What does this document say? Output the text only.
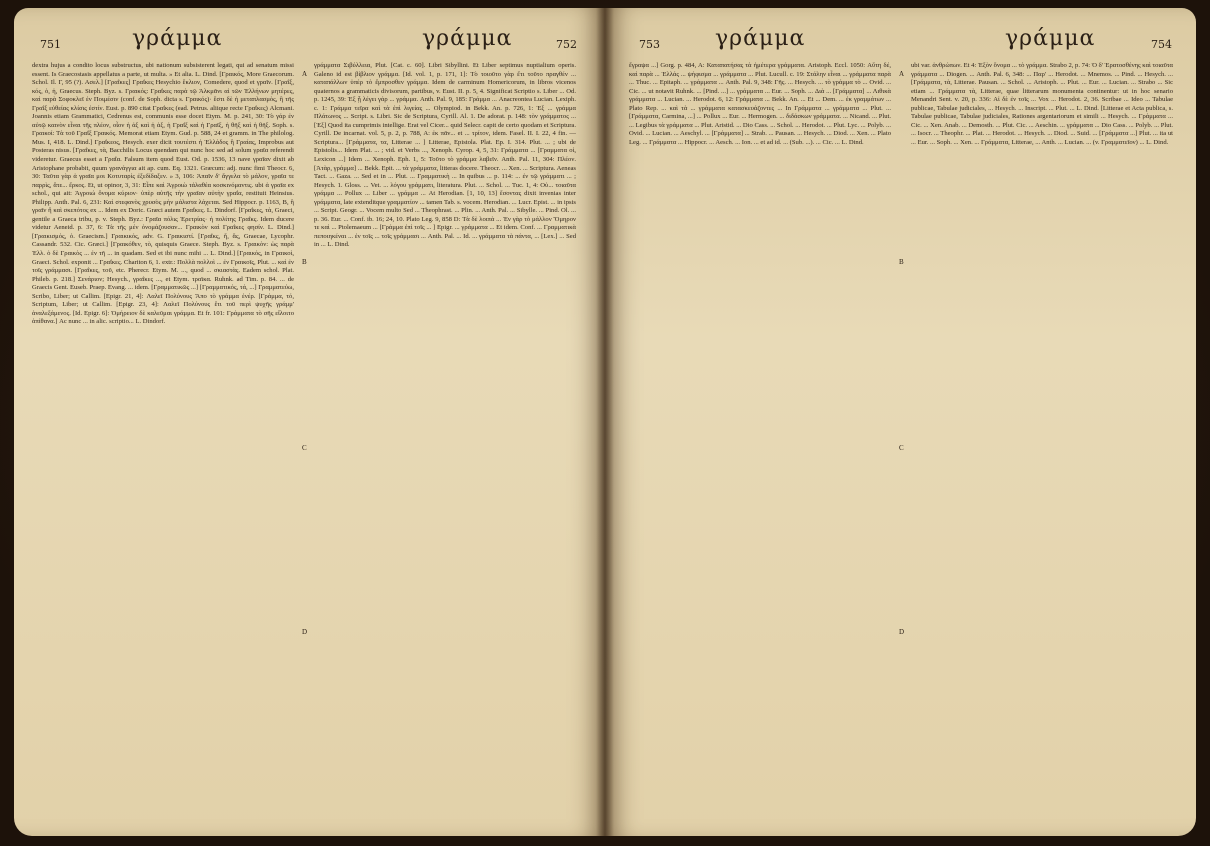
751	γράμμα	γράμμα	752

dextra hujus a condito locus substructus, ubi nationum subsisterent legati, qui ad senatum missi essent. Is Graecostasis appellatus a parte, ut multa. » Et alia. L. Dind. [Γραικός, More Graecorum. Schol. Il. Γ, 95 (?). Ασελ.] [Γραΐκες] Γραΐκες Hesychio ἔκλιον, Comedere, quod et γραῖν. [Γραΐξ, κός, ὁ, ἡ, Graecus. Steph. Byz. s. Γραικός: Γραΐκες παρὰ τῷ Ἀλκμᾶνι αἱ τῶν Ἑλλήνων μητέρες, καὶ παρὰ Σοφοκλεῖ ἐν Ποιμέσιν (conf. de Soph. dicta s. Γραικός)· ἔστι δὲ ἡ μεταπλασμὸς, ἢ τῆς Γραΐξ εὐθείας κλίσις ἐστίν. Eust. p. 890 citat Γραΐκες (ead. Petrus. aliique recte Γραΐκες) Alcmani. Joannis etiam Grammatici, Cedrenus est, communis esse docet Etym. M. p. 241, 30: Τὸ γάρ ἐν αὐτῷ καινὸν εἶναι τῆς πλέον, οἷον ἡ ἀξ καὶ ἡ ἀξ, ἡ Γραΐξ καὶ ἡ Γραῖξ, ἡ θῆξ καὶ ἡ θῆξ. Soph. s. Γραικοί: Τὰ τοῦ Γραΐξ Γραικός. Memorat etiam Etym. Gud. p. 588, 24 et gramm. in The philolog. Mus. I, 418. L. Dind.] Γραΐκεος, Hesych. exer dicit τουτέστι ἡ Ἑλλάδος ἢ Γραίας, Improbus aut Posteras nisus. [Γραΐκες, τὰ, Bacchilis Locus quendam qui nunc hoc sed ad solum γραῖα referendi videretur. Graecus esset a Γραΐα. Falsum item quod Eust. Od. p. 1536, 13 nave γραῖαν dixit ab Aristophane probabit, quum γρανάγγια ait ap. cum. Εq. 1321. Græcum: adj. nunc fimi Theocr. 6, 30: Ταῦτα γὰρ ἀ γραῖα μοι Κοτυταρίς ἐξεδίδαξεν. » 3, 106: Ἀπαῖν δ' ἄγγελα τὸ μάλον, γραῖα τε παρρὶς, ἅτε... ἔρκος. Et, ut opinor, 3, 31: Εἶπε καὶ Ἀγροιὼ τἀλαθέα κοσκινόμαντις. ubi ἁ γραῖα ex schol., qui ait: Ἀγροιώ ὄνομα κύριον· ὑπὲρ αὐτῆς τὴν γραῖαν αὐτὴν γραΐα, restituit Heinsius. Philipp. Anth. Pal. 6, 231: Καὶ στεφανὸς χρυσὸς μὴν μάλιστα λάχεται. Sed Hippocr. p. 1163, B, ἢ γραῖν ἢ καὶ σκεπότος ex ... Idem ex Doric. Græci autem Γραΐκες. L. Dindorf. [Γραΐκες, τὰ, Graeci, gentile a Graeca tribu, p. v. Steph. Byz.: Γραῖα πόλις Ἐρετρίας· ἡ πολίτης Γραΐκς. Idem ducere videtur Aeneid. p. 37, 6: Τὰ τῆς μέν ὀνομάζουσαν... Γραικὸν καὶ Γραΐκες φησίν. L. Dind.] [Γραικισμός, ὁ. Graecism.] Γραικικός, adv. G. Γραικιστί. [Γραΐκς, ἤ, ἄς, Graecae, Lycophr. Cassandr. 532. Cic. Græci.] [Γραικόθεν, τὸ, quisquis Graece. Steph. Byz. s. Γραικὸν: ὡς παρὰ Ἑλλ. ὁ δὲ Γραικὸς ... ἐν τῆ ... in quadam. Sed et ibi nunc mihi ... L. Dind.] [Γραικός, in Γραικοὶ, Graeci. Schol. exponit ... Γραΐκες. Chariton 6, 1. extr.: Πολλὰ πολλοὶ ... ἐν Γραικοῖς, Plut. ... καὶ ἐν τοῖς γράμμασι. [Γραΐκες, τοῦ, etc. Pherecr. Etym. M. ..., quod ... σκιαστὰς. Eadem schol. Plat. Phileb. p. 218.] Σενάριον; Hesych., γραΐκες ..., et Etym. τραϊκα. Ruhnk. ad Tim. p. 84. ... de Graecis Gent. Euseb. Praep. Evang. ... idem. [Γραμματικῶς ...] [Γραμματικός, τά, ...] Γραμματεύω, Scribo, Liber; ut Callim. [Epigr. 21, 4]: Λαλεῖ Πολύνους Ἄπο τὸ γράμμα ἐνέρ. [Γράμμα, τό, Scriptum, Liber; ut Callim. [Epigr. 23, 4]: Λαλεῖ Πολύνους ἔτι τοῦ περὶ ψυχῆς γράμμ' ἀναλεξάμενος. [Id. Epigr. 6]: Ὁμήρειον δὲ καλεῦμαι γράμμα. Et fr. 101: Γράμματα τὸ σῆς εἴλοιτο ἀπίθανα.] Ac nunc ... in alic. scriptio... L. Dindorf.

A
B
C
D

γράμματα Σιβύλλεια, Plut. [Cat. c. 60]. Libri Sibyllini. Et Liber septimus nuptialium operis. Galeno id est βίβλιον γράμμα. [Id. vol. 1, p. 171, 1]: Τὸ τοιοῦτο γὰρ ἔτι τοῦτο πραγθέν ... καταπάλλων ὑπὲρ τὸ ἔμπροσθεν γράμμα. Idem de carminum Homericorum, in libros vicenos quaternos a grammaticis divisorum, partibus, v. Eust. II. p. 5, 4. Significat Scriptio s. Liber ... Od. p. 1245, 39: Ἐξ ᾗ λέγει γάρ ... γράμμα. Anth. Pal. 9, 185: Γράμμα ... Anacreontea Lucian. Lexiph. c. 1: Γράμμα τεῖρα καὶ τὰ ἐπὶ λιγείας ... Olympiod. in Bekk. An. p. 726, 1: Ἐξ ... γράμμα Πλάτωνος ... Script. s. Libri. Sic de Scriptura, Cyrill. Al. 1. De adorat. p. 148: τὸν γράμματος ... [Ἐξ] Quod ita cumprimis intellige. Erat vel Cicer... quid Selecr. capit de certo quodam et Scriptura. Cyrill. De incarnat. vol. 5, p. 2, p. 788, A: ἐκ πᾶν... et ... τρίτον, idem. Fasel. II. I. 22, 4 fin. — Scriptura... [Γράμματα, τα, Litterae ... ] Litterae, Epistola. Plat. Ep. I. 314. Plut. ... ; ubi de Epistolis... Idem Plat. ... ; vid. et Verbs ..., Xenoph. Cyrop. 4, 5, 31: Γράμματα ... [Γραμματα οἱ, Lexicon ...] Idem ... Xenoph. Eph. 1, 5: Τοῦτο τὸ γράμμα λαβεῖν. Anth. Pal. 11, 304: Πλέον. [Ἀτὰρ, γράμμα] ... Bekk. Epit. ... τὰ γράμματα, litteras docere. Theocr. ... Xen. ... Scriptura. Aeneas Tact. ... Gaza. ... Sed et in ... Plut. ... Γραμματικὴ ... In quibus ... p. 114: ... ἐν τῷ γράμματι ... ; Hesych. 1. Gloss. ... Vet. ... λόγου γράμματι, literatura. Plut. ... Schol. ... Tuc. 1, 4: Οὐ... τοιαῦτα γράμμα ... Pollux ... Liber ... γράμμα ... At Herodian. [1, 10, 13] ἔσοντας dixit invenias inter γράμματα, late extenditque γραμματίον ... tamen Tab. s. vocem. Herodian. ... Lucr. Epist. ... in ipsis ... Script. Geogr. ... Vocem multo Sed ... Theophrast. ... Plin. ... Anth. Pal. ... Sibylle. ... Pind. Ol. ... p. 36. Eur. ... Conf. ib. 16; 24, 10. Plato Leg. 9, 858 D: Τὰ δὲ λοιπὰ ... Ἐν γὰρ τὸ μάλλον Ὅμηρον τε καὶ ... Ptolemaeum ... [Γράμμα ἐπὶ τοῖς ... ] Epigr. ... γράμματα ... Et idem. Conf. ... Γραμματικὰ πεποιηκέναι ... ἐν τοῖς ... τοῖς γράμμασι ... Anth. Pal. ... Id. ... γράμματα τὰ πάντα, ... [Lex.] ... Sed in ... L. Dind.

753	γράμμα	γράμμα	754

ἔγραψα ...] Gorg. p. 484, A: Καταπατήσας τὰ ἡμέτερα γράμματα. Aristoph. Eccl. 1050: Αὕτη δέ, καὶ παρὰ ... Ἑλλάς ... ψήφισμα ... γράμματα ... Plut. Lucull. c. 19: Στάλην εἶναι ... γράμματα παρὰ ... Thuc. ... Epitaph. ... γράμματα ... Anth. Pal. 9, 348: Γῆς. ... Hesych. ... τὸ γράμμα τὸ ... Ovid. ... Cic. ... ut notavit Ruhnk. ... [Pind. ...] ... γράμματα ... Eur. ... Soph. ... Διὰ ... [Γράμματα] ... Λιθικὰ γράμματα ... Lucian. ... Herodot. 6, 12: Γράμματα ... Bekk. An. ... Et ... Dem. ... ἐκ γραμμάτων ... Plato Rep. ... καὶ τὰ ... γράμματα κατασκευάζοντες ... In Γράμματα ... γράμματα ... Plut. ... [Γράμματα, Carmina, ...] ... Pollux ... Eur. ... Hermogen. ... διδάσκων γράμματα. ... Nicand. ... Plut. ... Legibus τὰ γράμματα ... Plut. Aristid. ... Dio Cass. ... Schol. ... Herodot. ... Plut. Lyc. ... Polyb. ... Ovid. ... Lucian. ... Aeschyl. ... [Γράμματα] ... Strab. ... Pausan. ... Hesych. ... Diod. ... Xen. ... Plato Leg. ... Γράμματα ... Hippocr. ... Aesch. ... Ion. ... et ad id. ... (Sub. ...). ... Cic. ... L. Dind.

A
B
C
D

ubi var. ἀνθρώπων. Et 4: Ἐξὸν ὄνομα ... τὸ γράμμα. Strabo 2, p. 74: Ὁ δ' Ἐρατοσθένης καὶ τοιαῦτα γράμματα ... Diogen. ... Anth. Pal. 6, 348: ... Παρ' ... Herodot. ... Mnemos. ... Pind. ... Hesych. ... [Γράμματα, τὰ, Litterae. Pausan. ... Schol. ... Aristoph. ... Plut. ... Eur. ... Lucian. ... Strabo ... Sic etiam ... Γράμματα τὰ, Litterae, quae litterarum monumenta continentur: ut in hoc senario Menandri Sent. v. 20, p. 336: Αἱ δὲ ἐν τοῖς ... Vox ... Herodot. 2, 36. Scribae ... Ideo ... Tabulae publicae, Tabulae judiciales, ... Hesych. ... Inscript. ... Plut. ... L. Dind. [Litterae et Acta publica, s. Tabulae publicae, Tabulae judiciales, Rationes argentariorum et simili ... Hesych. ... Γράμματα ... Cic. ... Xen. Anab. ... Demosth. ... Plut. Cic. ... Aeschin. ... γράμματα ... Dio Cass. ... Polyb. ... Plut. ... Isocr. ... Theophr. ... Plat. ... Herodot. ... Hesych. ... Diod. ... Suid. ... [Γράμματα ...] Plut. ... ita ut ... Eur. ... Soph. ... Xen. ... Γράμματα, Litterae, ... Anth. ... Lucian. ... (v. Γραμματεῖον) ... L. Dind.
